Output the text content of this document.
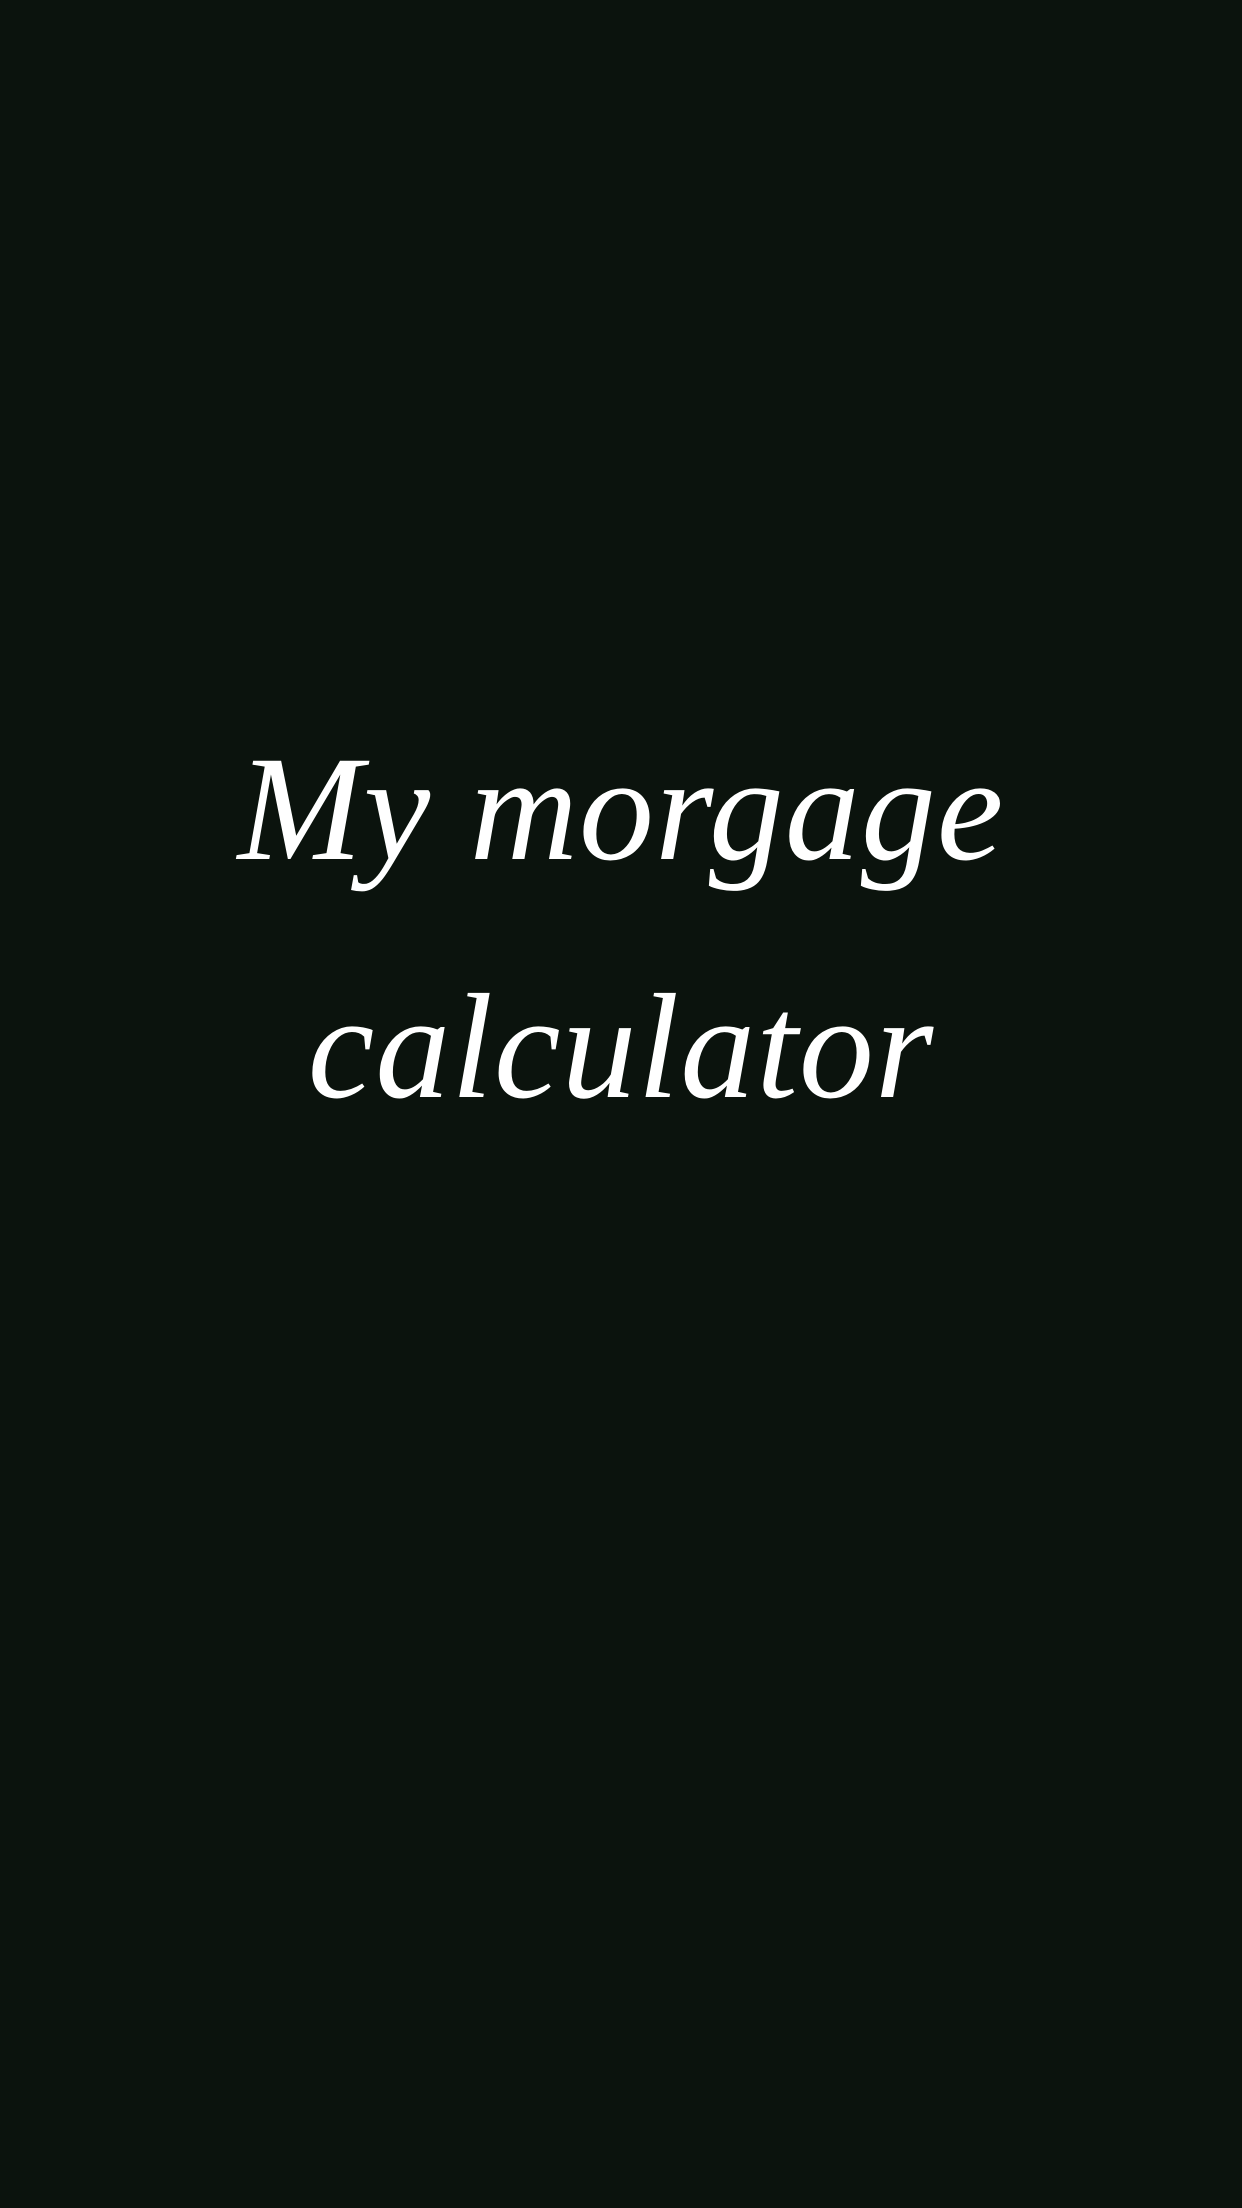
My morgage
calculator
